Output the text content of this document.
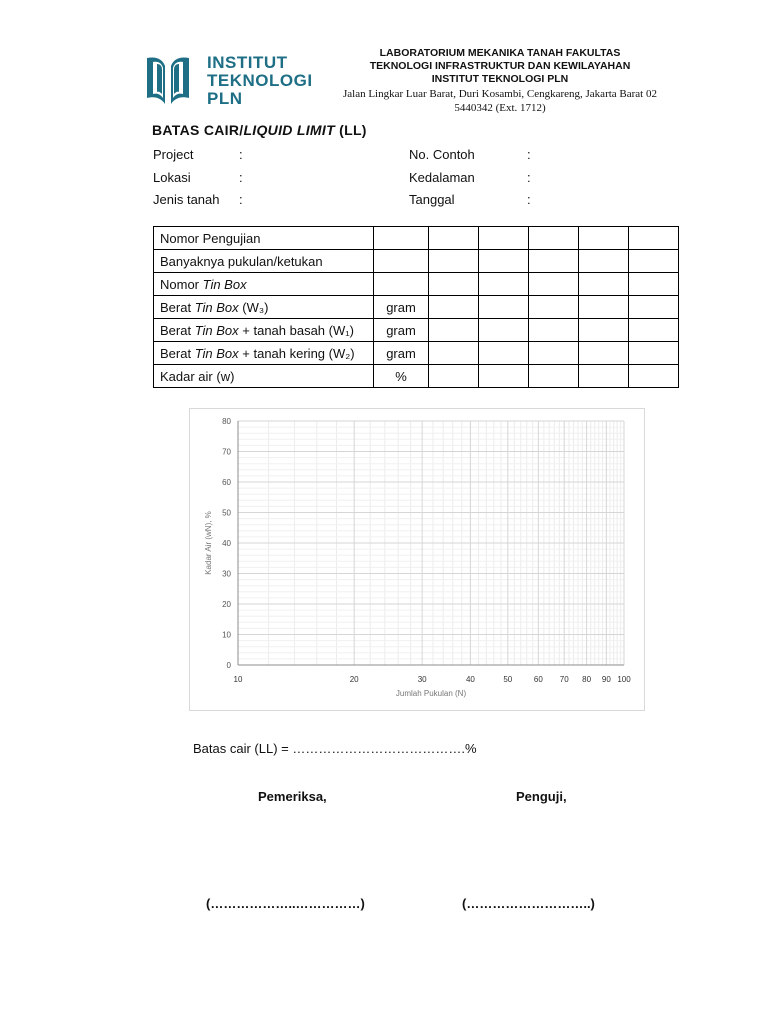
INSTITUT
TEKNOLOGI
PLN
LABORATORIUM MEKANIKA TANAH FAKULTAS
TEKNOLOGI INFRASTRUKTUR DAN KEWILAYAHAN
INSTITUT TEKNOLOGI PLN
Jalan Lingkar Luar Barat, Duri Kosambi, Cengkareng, Jakarta Barat 02
5440342 (Ext. 1712)
BATAS CAIR/LIQUID LIMIT (LL)
Project	:
Lokasi	:
Jenis tanah :
No. Contoh	:
Kedalaman	:
Tanggal	:
Nomor Pengujian						
Banyaknya pukulan/ketukan						
Nomor Tin Box						
Berat Tin Box (W₃)	gram					
Berat Tin Box + tanah basah (W₁)	gram					
Berat Tin Box + tanah kering (W₂)	gram					
Kadar air (w)	%					
10	20	30	40	50	60 70 80 90 100
0
10
20
30
40
50
60
70
80
Jumlah Pukulan (N)
Kadar Air (wN), %
Batas cair (LL) = ………………………………….%
Pemeriksa,	Penguji,
(………………..……………)	(………………………..)
